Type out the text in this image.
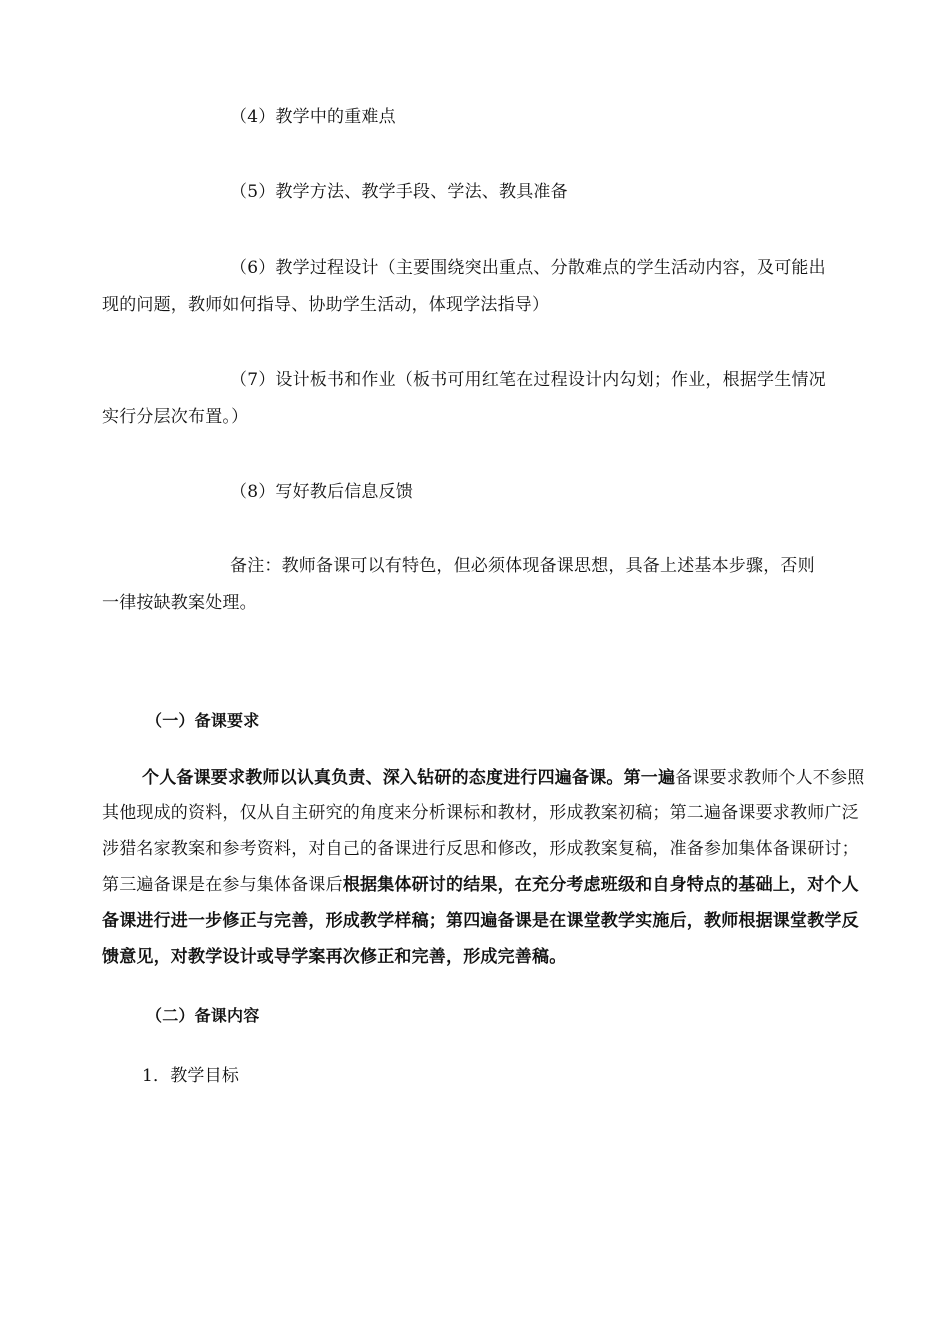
（4）教学中的重难点
（5）教学方法、教学手段、学法、教具准备
（6）教学过程设计（主要围绕突出重点、分散难点的学生活动内容，及可能出
现的问题，教师如何指导、协助学生活动，体现学法指导）
（7）设计板书和作业（板书可用红笔在过程设计内勾划；作业，根据学生情况
实行分层次布置。）
（8）写好教后信息反馈
备注：教师备课可以有特色，但必须体现备课思想，具备上述基本步骤，否则
一律按缺教案处理。
（一）备课要求
个人备课要求教师以认真负责、深入钻研的态度进行四遍备课。第一遍备课要求教师个人不参照
其他现成的资料，仅从自主研究的角度来分析课标和教材，形成教案初稿；第二遍备课要求教师广泛
涉猎名家教案和参考资料，对自己的备课进行反思和修改，形成教案复稿，准备参加集体备课研讨；
第三遍备课是在参与集体备课后根据集体研讨的结果，在充分考虑班级和自身特点的基础上，对个人
备课进行进一步修正与完善，形成教学样稿；第四遍备课是在课堂教学实施后，教师根据课堂教学反
馈意见，对教学设计或导学案再次修正和完善，形成完善稿。
（二）备课内容
1．教学目标
